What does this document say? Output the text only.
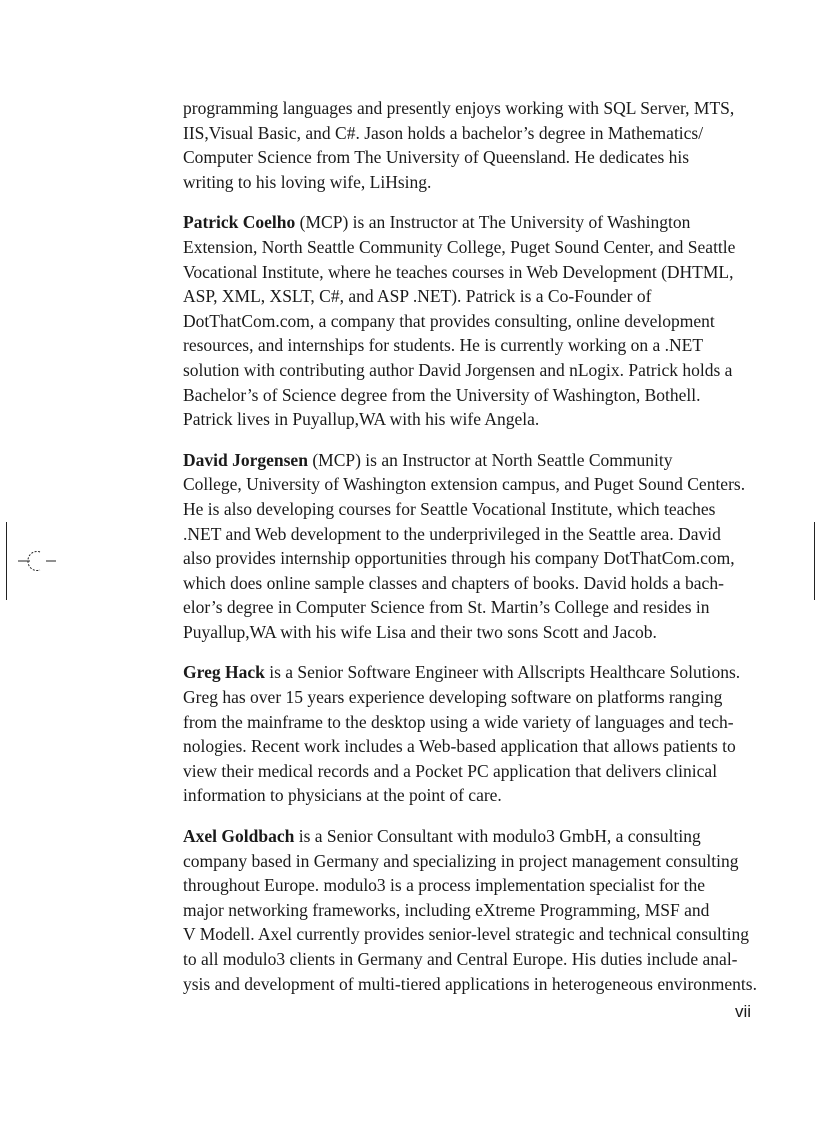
programming languages and presently enjoys working with SQL Server, MTS,
IIS,Visual Basic, and C#. Jason holds a bachelor’s degree in Mathematics/
Computer Science from The University of Queensland. He dedicates his
writing to his loving wife, LiHsing.

Patrick Coelho (MCP) is an Instructor at The University of Washington
Extension, North Seattle Community College, Puget Sound Center, and Seattle
Vocational Institute, where he teaches courses in Web Development (DHTML,
ASP, XML, XSLT, C#, and ASP .NET). Patrick is a Co-Founder of
DotThatCom.com, a company that provides consulting, online development
resources, and internships for students. He is currently working on a .NET
solution with contributing author David Jorgensen and nLogix. Patrick holds a
Bachelor’s of Science degree from the University of Washington, Bothell.
Patrick lives in Puyallup,WA with his wife Angela.

David Jorgensen (MCP) is an Instructor at North Seattle Community
College, University of Washington extension campus, and Puget Sound Centers.
He is also developing courses for Seattle Vocational Institute, which teaches
.NET and Web development to the underprivileged in the Seattle area. David
also provides internship opportunities through his company DotThatCom.com,
which does online sample classes and chapters of books. David holds a bach-
elor’s degree in Computer Science from St. Martin’s College and resides in
Puyallup,WA with his wife Lisa and their two sons Scott and Jacob.

Greg Hack is a Senior Software Engineer with Allscripts Healthcare Solutions.
Greg has over 15 years experience developing software on platforms ranging
from the mainframe to the desktop using a wide variety of languages and tech-
nologies. Recent work includes a Web-based application that allows patients to
view their medical records and a Pocket PC application that delivers clinical
information to physicians at the point of care.

Axel Goldbach is a Senior Consultant with modulo3 GmbH, a consulting
company based in Germany and specializing in project management consulting
throughout Europe. modulo3 is a process implementation specialist for the
major networking frameworks, including eXtreme Programming, MSF and
V Modell. Axel currently provides senior-level strategic and technical consulting
to all modulo3 clients in Germany and Central Europe. His duties include anal-
ysis and development of multi-tiered applications in heterogeneous environments.

vii
